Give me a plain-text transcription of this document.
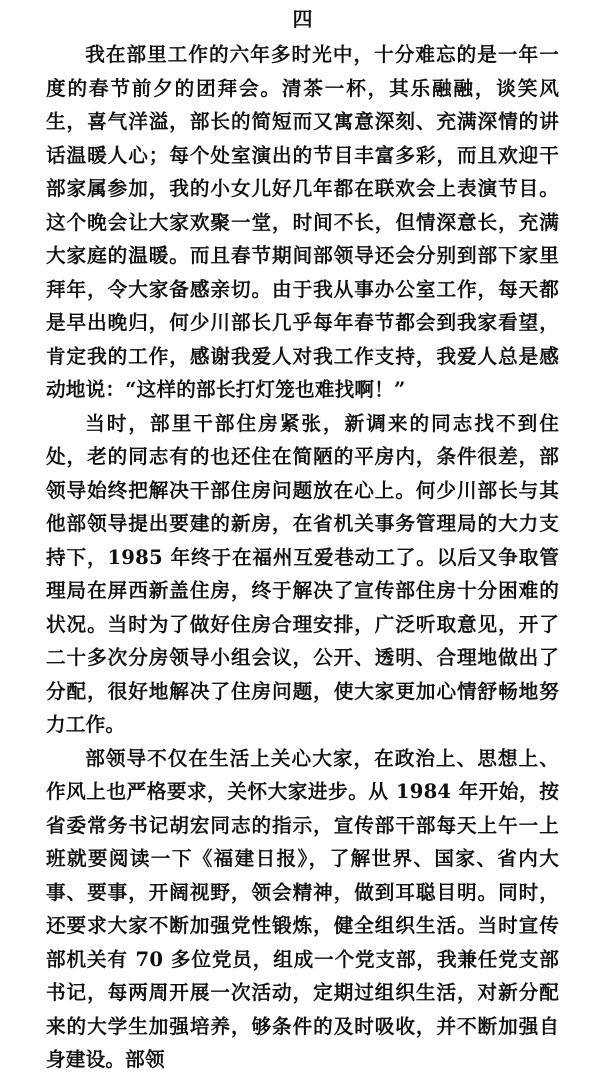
四

我在部里工作的六年多时光中，十分难忘的是一年一度的春节前夕的团拜会。清茶一杯，其乐融融，谈笑风生，喜气洋溢，部长的简短而又寓意深刻、充满深情的讲话温暖人心；每个处室演出的节目丰富多彩，而且欢迎干部家属参加，我的小女儿好几年都在联欢会上表演节目。这个晚会让大家欢聚一堂，时间不长，但情深意长，充满大家庭的温暖。而且春节期间部领导还会分别到部下家里拜年，令大家备感亲切。由于我从事办公室工作，每天都是早出晚归，何少川部长几乎每年春节都会到我家看望，肯定我的工作，感谢我爱人对我工作支持，我爱人总是感动地说：“这样的部长打灯笼也难找啊！”

当时，部里干部住房紧张，新调来的同志找不到住处，老的同志有的也还住在简陋的平房内，条件很差，部领导始终把解决干部住房问题放在心上。何少川部长与其他部领导提出要建的新房，在省机关事务管理局的大力支持下，1985 年终于在福州互爱巷动工了。以后又争取管理局在屏西新盖住房，终于解决了宣传部住房十分困难的状况。当时为了做好住房合理安排，广泛听取意见，开了二十多次分房领导小组会议，公开、透明、合理地做出了分配，很好地解决了住房问题，使大家更加心情舒畅地努力工作。

部领导不仅在生活上关心大家，在政治上、思想上、作风上也严格要求，关怀大家进步。从 1984 年开始，按省委常务书记胡宏同志的指示，宣传部干部每天上午一上班就要阅读一下《福建日报》，了解世界、国家、省内大事、要事，开阔视野，领会精神，做到耳聪目明。同时，还要求大家不断加强党性锻炼，健全组织生活。当时宣传部机关有 70 多位党员，组成一个党支部，我兼任党支部书记，每两周开展一次活动，定期过组织生活，对新分配来的大学生加强培养，够条件的及时吸收，并不断加强自身建设。部领
